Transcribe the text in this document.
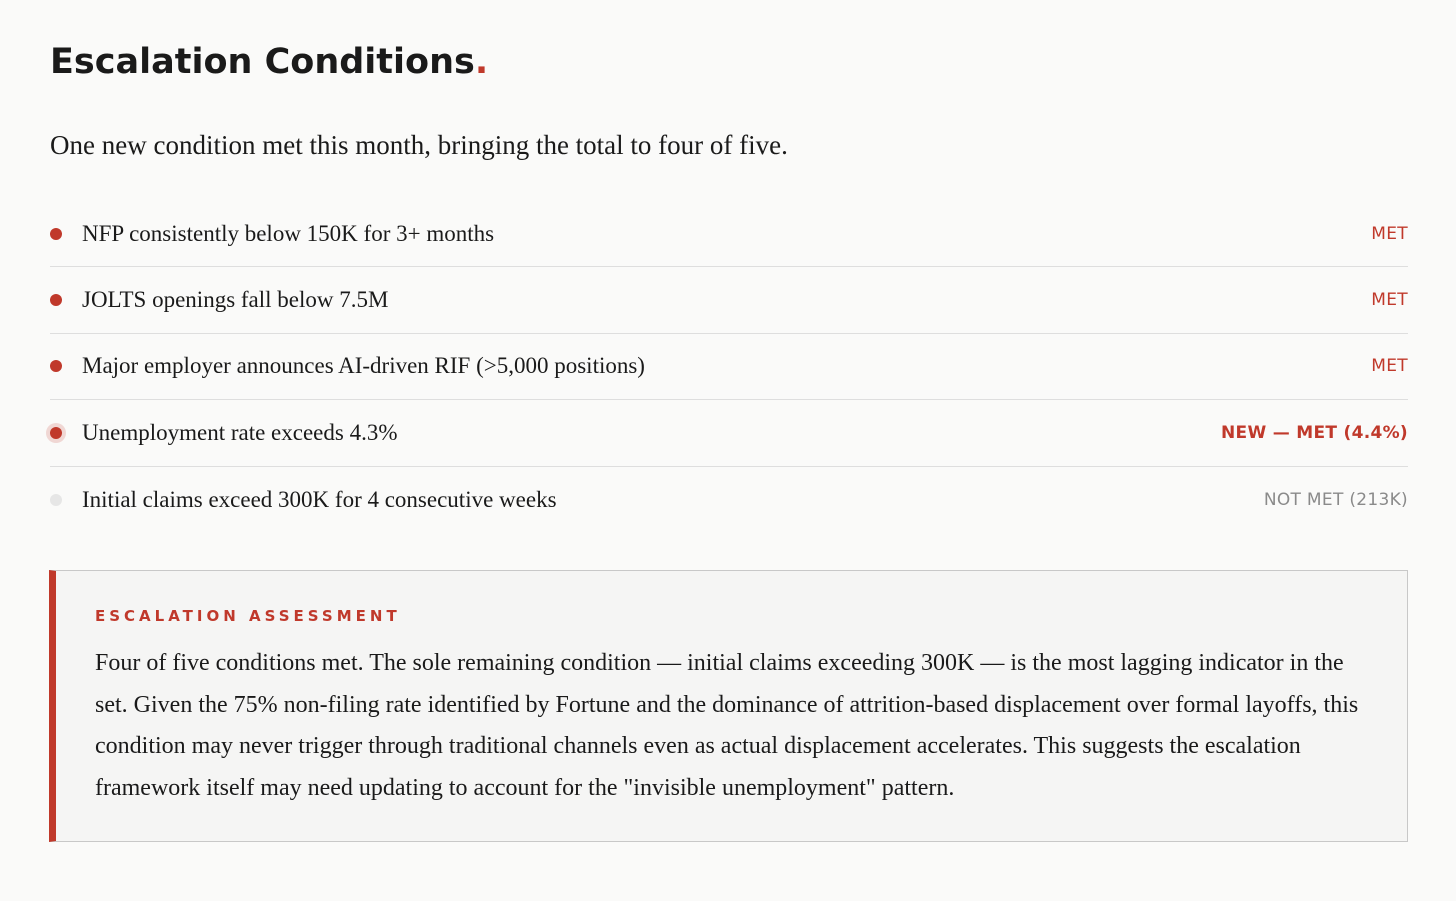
Escalation Conditions.

One new condition met this month, bringing the total to four of five.

NFP consistently below 150K for 3+ months	MET
JOLTS openings fall below 7.5M	MET
Major employer announces AI-driven RIF (>5,000 positions)	MET
Unemployment rate exceeds 4.3%	NEW — MET (4.4%)
Initial claims exceed 300K for 4 consecutive weeks	NOT MET (213K)
ESCALATION ASSESSMENT

Four of five conditions met. The sole remaining condition — initial claims exceeding 300K — is the most lagging indicator in the set. Given the 75% non-filing rate identified by Fortune and the dominance of attrition-based displacement over formal layoffs, this condition may never trigger through traditional channels even as actual displacement accelerates. This suggests the escalation framework itself may need updating to account for the "invisible unemployment" pattern.
